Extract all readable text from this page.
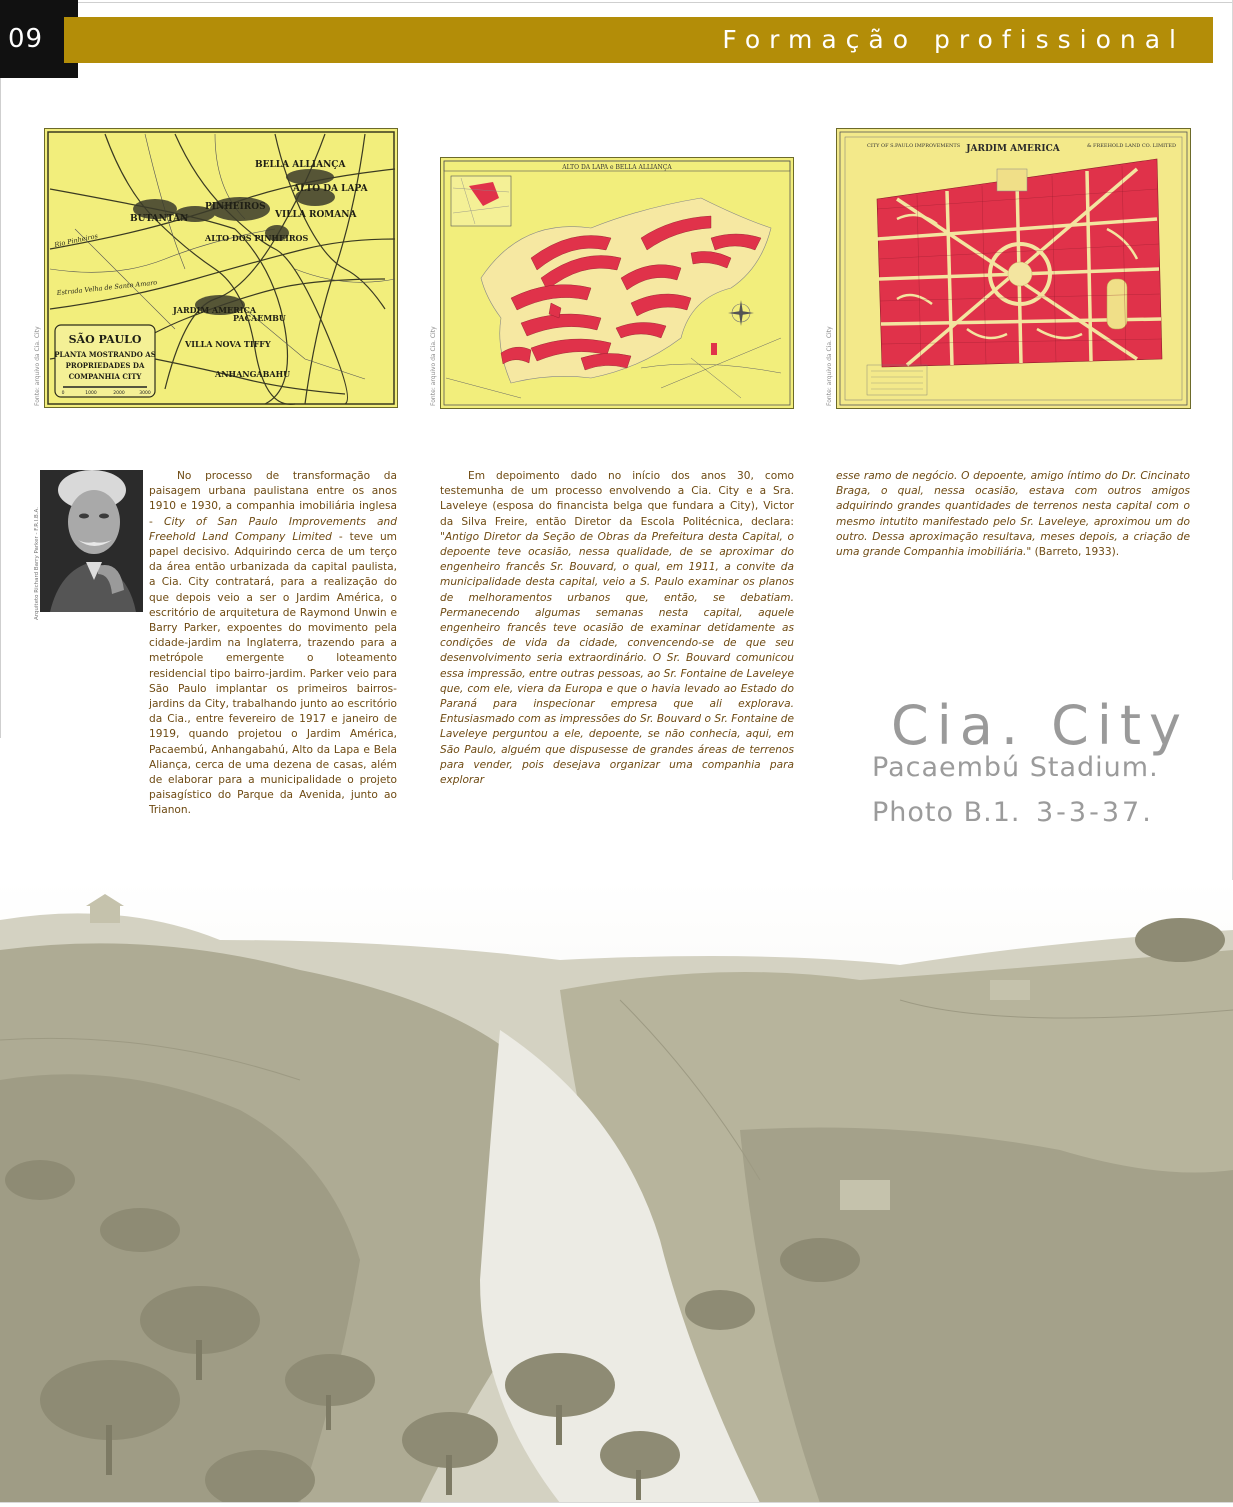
09	Formação profissional
BELLA ALLIANÇA
ALTO DA LAPA
VILLA ROMANA
PINHEIROS
BUTANTAN
ALTO DOS PINHEIROS
JARDIM AMERICA
PACAEMBU
VILLA NOVA TIFFY
ANHANGABAHU
Rio Pinheiros
Estrada Velha de Santo Amaro
SÃO PAULO
PLANTA MOSTRANDO AS
PROPRIEDADES DA
COMPANHIA CITY
0	1000	2000	3000
Fonte: arquivo da Cia. City
ALTO DA LAPA e BELLA ALLIANÇA
Fonte: arquivo da Cia. City
CITY OF S.PAULO IMPROVEMENTS JARDIM AMERICA	& FREEHOLD LAND CO. LIMITED
Fonte: arquivo da Cia. City
Arquiteto Richard Barry Parker - F.R.I.B.A.
No processo de transformação da paisagem urbana paulistana entre os anos 1910 e 1930, a companhia imobiliária inglesa - City of San Paulo Improvements and Freehold Land Company Limited - teve um papel decisivo. Adquirindo cerca de um terço da área então urbanizada da capital paulista, a Cia. City contratará, para a realização do que depois veio a ser o Jardim América, o escritório de arquitetura de Raymond Unwin e Barry Parker, expoentes do movimento pela cidade-jardim na Inglaterra, trazendo para a metrópole emergente o loteamento residencial tipo bairro-jardim. Parker veio para São Paulo implantar os primeiros bairros-jardins da City, trabalhando junto ao escritório da Cia., entre fevereiro de 1917 e janeiro de 1919, quando projetou o Jardim América, Pacaembú, Anhangabahú, Alto da Lapa e Bela Aliança, cerca de uma dezena de casas, além de elaborar para a municipalidade o projeto paisagístico do Parque da Avenida, junto ao Trianon.
Em depoimento dado no início dos anos 30, como testemunha de um processo envolvendo a Cia. City e a Sra. Laveleye (esposa do financista belga que fundara a City), Victor da Silva Freire, então Diretor da Escola Politécnica, declara: "Antigo Diretor da Seção de Obras da Prefeitura desta Capital, o depoente teve ocasião, nessa qualidade, de se aproximar do engenheiro francês Sr. Bouvard, o qual, em 1911, a convite da municipalidade desta capital, veio a S. Paulo examinar os planos de melhoramentos urbanos que, então, se debatiam. Permanecendo algumas semanas nesta capital, aquele engenheiro francês teve ocasião de examinar detidamente as condições de vida da cidade, convencendo-se de que seu desenvolvimento seria extraordinário. O Sr. Bouvard comunicou essa impressão, entre outras pessoas, ao Sr. Fontaine de Laveleye que, com ele, viera da Europa e que o havia levado ao Estado do Paraná para inspecionar empresa que ali explorava. Entusiasmado com as impressões do Sr. Bouvard o Sr. Fontaine de Laveleye perguntou a ele, depoente, se não conhecia, aqui, em São Paulo, alguém que dispusesse de grandes áreas de terrenos para vender, pois desejava organizar uma companhia para explorar
esse ramo de negócio. O depoente, amigo íntimo do Dr. Cincinato Braga, o qual, nessa ocasião, estava com outros amigos adquirindo grandes quantidades de terrenos nesta capital com o mesmo intutito manifestado pelo Sr. Laveleye, aproximou um do outro. Dessa aproximação resultava, meses depois, a criação de uma grande Companhia imobiliária." (Barreto, 1933).
Cia. City
Pacaembú Stadium.
Photo B.1. 3-3-37.
